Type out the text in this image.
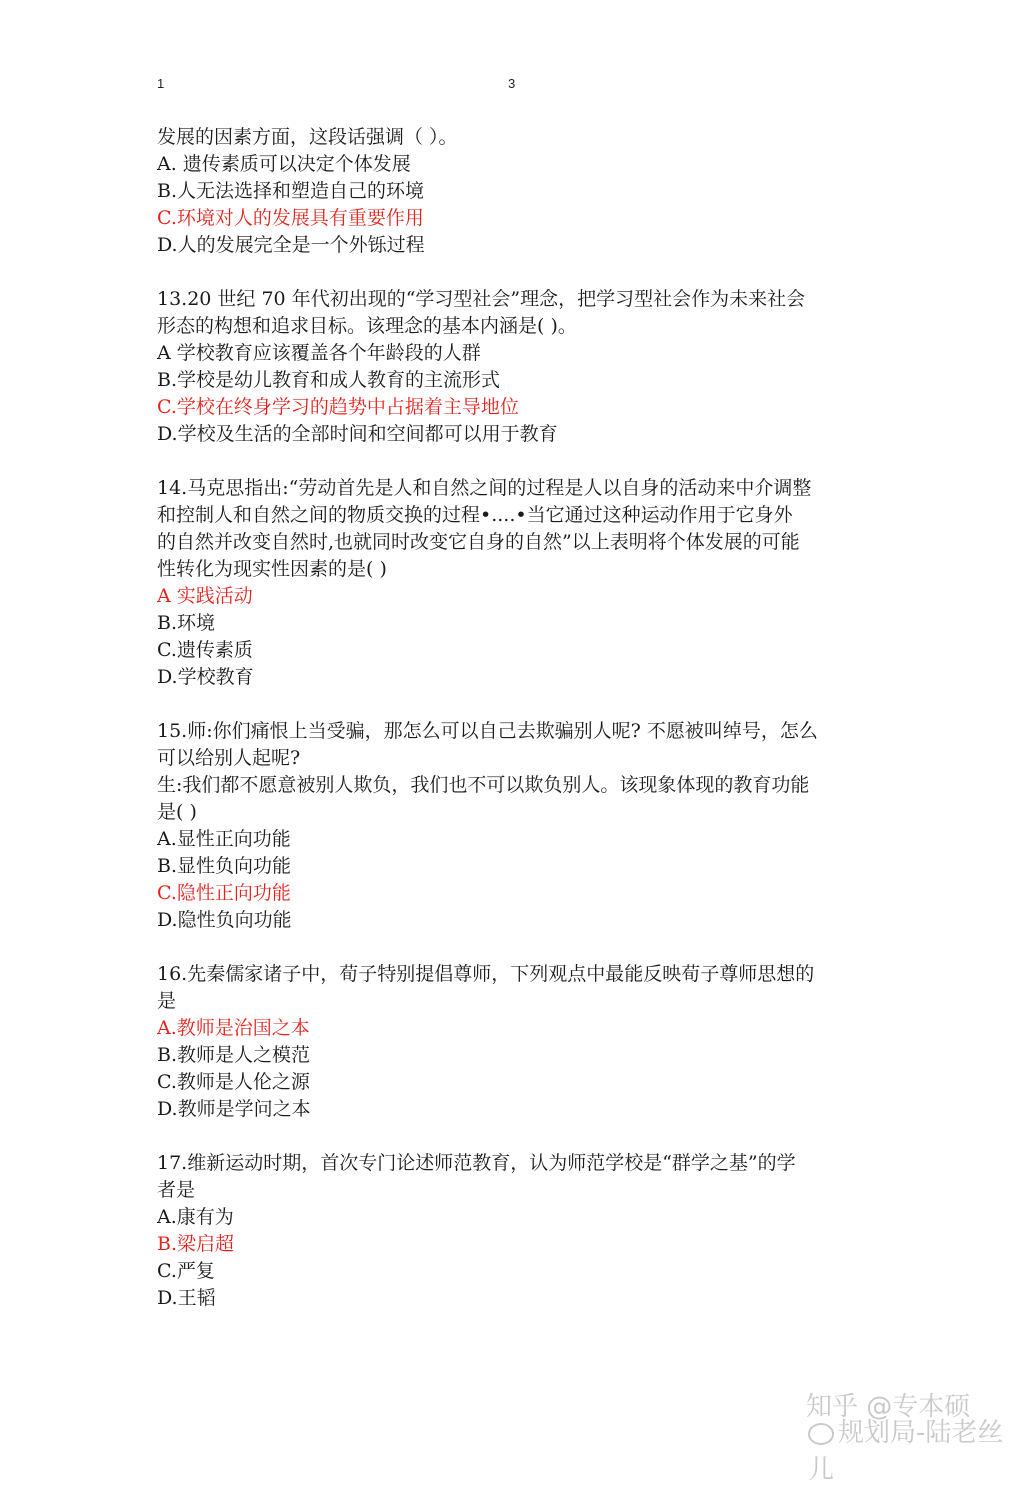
1	3
发展的因素方面，这段话强调（ ）。
A. 遗传素质可以决定个体发展
B.人无法选择和塑造自己的环境
C.环境对人的发展具有重要作用
D.人的发展完全是一个外铄过程
13.20 世纪 70 年代初出现的“学习型社会”理念，把学习型社会作为未来社会
形态的构想和追求目标。该理念的基本内涵是( )。
A 学校教育应该覆盖各个年龄段的人群
B.学校是幼儿教育和成人教育的主流形式
C.学校在终身学习的趋势中占据着主导地位
D.学校及生活的全部时间和空间都可以用于教育
14.马克思指出:“劳动首先是人和自然之间的过程是人以自身的活动来中介调整
和控制人和自然之间的物质交换的过程•....•当它通过这种运动作用于它身外
的自然并改变自然时,也就同时改变它自身的自然”以上表明将个体发展的可能
性转化为现实性因素的是( )
A 实践活动
B.环境
C.遗传素质
D.学校教育
15.师:你们痛恨上当受骗，那怎么可以自己去欺骗别人呢? 不愿被叫绰号，怎么
可以给别人起呢?
生:我们都不愿意被别人欺负，我们也不可以欺负别人。该现象体现的教育功能
是( )
A.显性正向功能
B.显性负向功能
C.隐性正向功能
D.隐性负向功能
16.先秦儒家诸子中，荀子特别提倡尊师，下列观点中最能反映荀子尊师思想的
是
A.教师是治国之本
B.教师是人之模范
C.教师是人伦之源
D.教师是学问之本
17.维新运动时期，首次专门论述师范教育，认为师范学校是“群学之基”的学
者是
A.康有为
B.梁启超
C.严复
D.王韬
知乎 @专本硕
规划局-陆老丝儿
